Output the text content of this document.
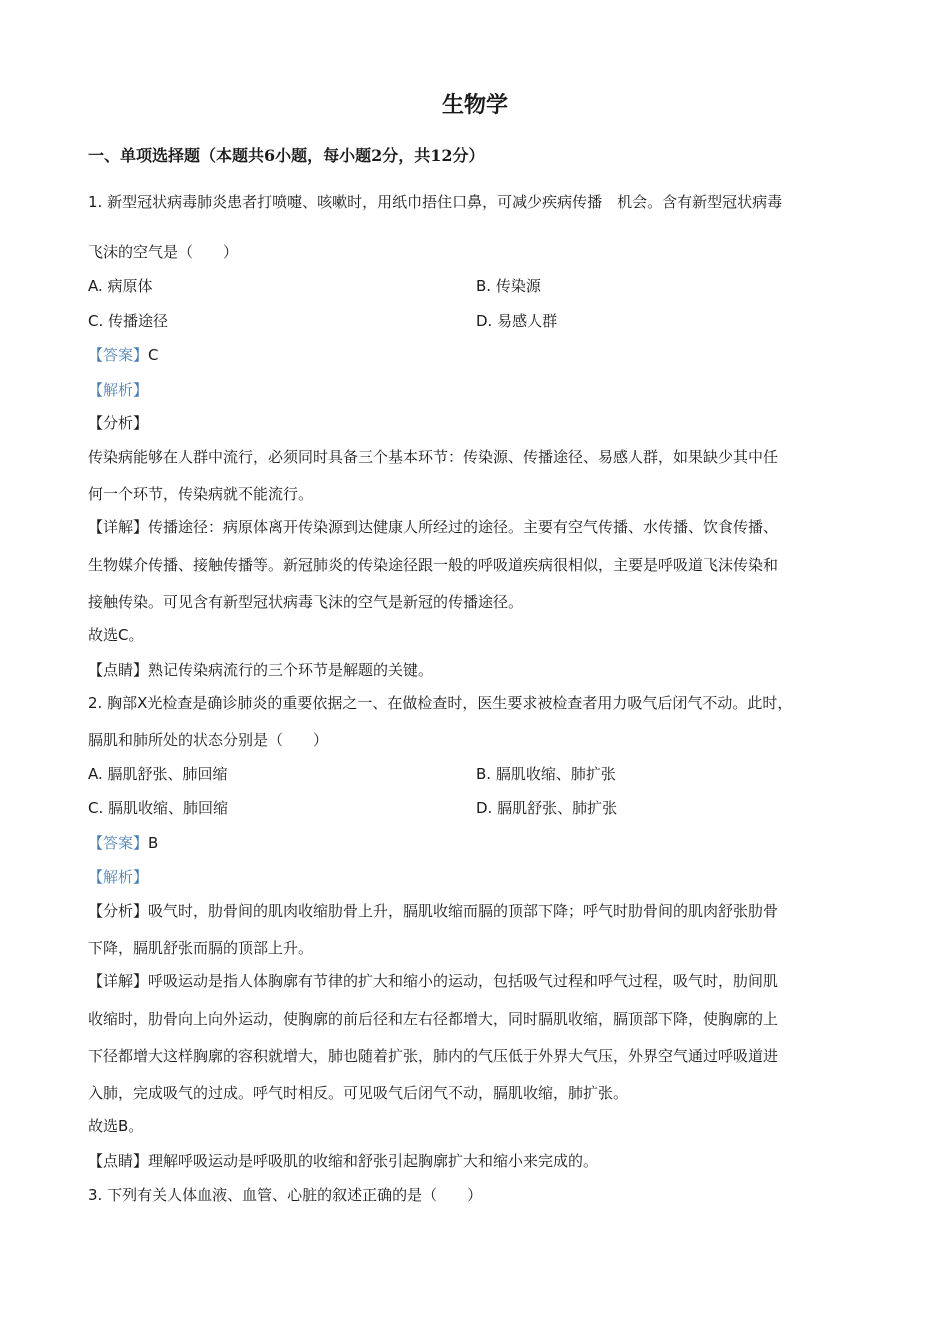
生物学
一、单项选择题（本题共6小题，每小题2分，共12分）
1. 新型冠状病毒肺炎患者打喷嚏、咳嗽时，用纸巾捂住口鼻，可减少疾病传播　机会。含有新型冠状病毒
飞沫的空气是（　　）
A. 病原体	B. 传染源
C. 传播途径	D. 易感人群
【答案】C
【解析】
【分析】
传染病能够在人群中流行，必须同时具备三个基本环节：传染源、传播途径、易感人群，如果缺少其中任
何一个环节，传染病就不能流行。
【详解】传播途径：病原体离开传染源到达健康人所经过的途径。主要有空气传播、水传播、饮食传播、
生物媒介传播、接触传播等。新冠肺炎的传染途径跟一般的呼吸道疾病很相似，主要是呼吸道飞沫传染和
接触传染。可见含有新型冠状病毒飞沫的空气是新冠的传播途径。
故选C。
【点睛】熟记传染病流行的三个环节是解题的关键。
2. 胸部X光检查是确诊肺炎的重要依据之一、在做检查时，医生要求被检查者用力吸气后闭气不动。此时，
膈肌和肺所处的状态分别是（　　）
A. 膈肌舒张、肺回缩	B. 膈肌收缩、肺扩张
C. 膈肌收缩、肺回缩	D. 膈肌舒张、肺扩张
【答案】B
【解析】
【分析】吸气时，肋骨间的肌肉收缩肋骨上升，膈肌收缩而膈的顶部下降；呼气时肋骨间的肌肉舒张肋骨
下降，膈肌舒张而膈的顶部上升。
【详解】呼吸运动是指人体胸廓有节律的扩大和缩小的运动，包括吸气过程和呼气过程，吸气时，肋间肌
收缩时，肋骨向上向外运动，使胸廓的前后径和左右径都增大，同时膈肌收缩，膈顶部下降，使胸廓的上
下径都增大这样胸廓的容积就增大，肺也随着扩张，肺内的气压低于外界大气压，外界空气通过呼吸道进
入肺，完成吸气的过成。呼气时相反。可见吸气后闭气不动，膈肌收缩，肺扩张。
故选B。
【点睛】理解呼吸运动是呼吸肌的收缩和舒张引起胸廓扩大和缩小来完成的。
3. 下列有关人体血液、血管、心脏的叙述正确的是（　　）
